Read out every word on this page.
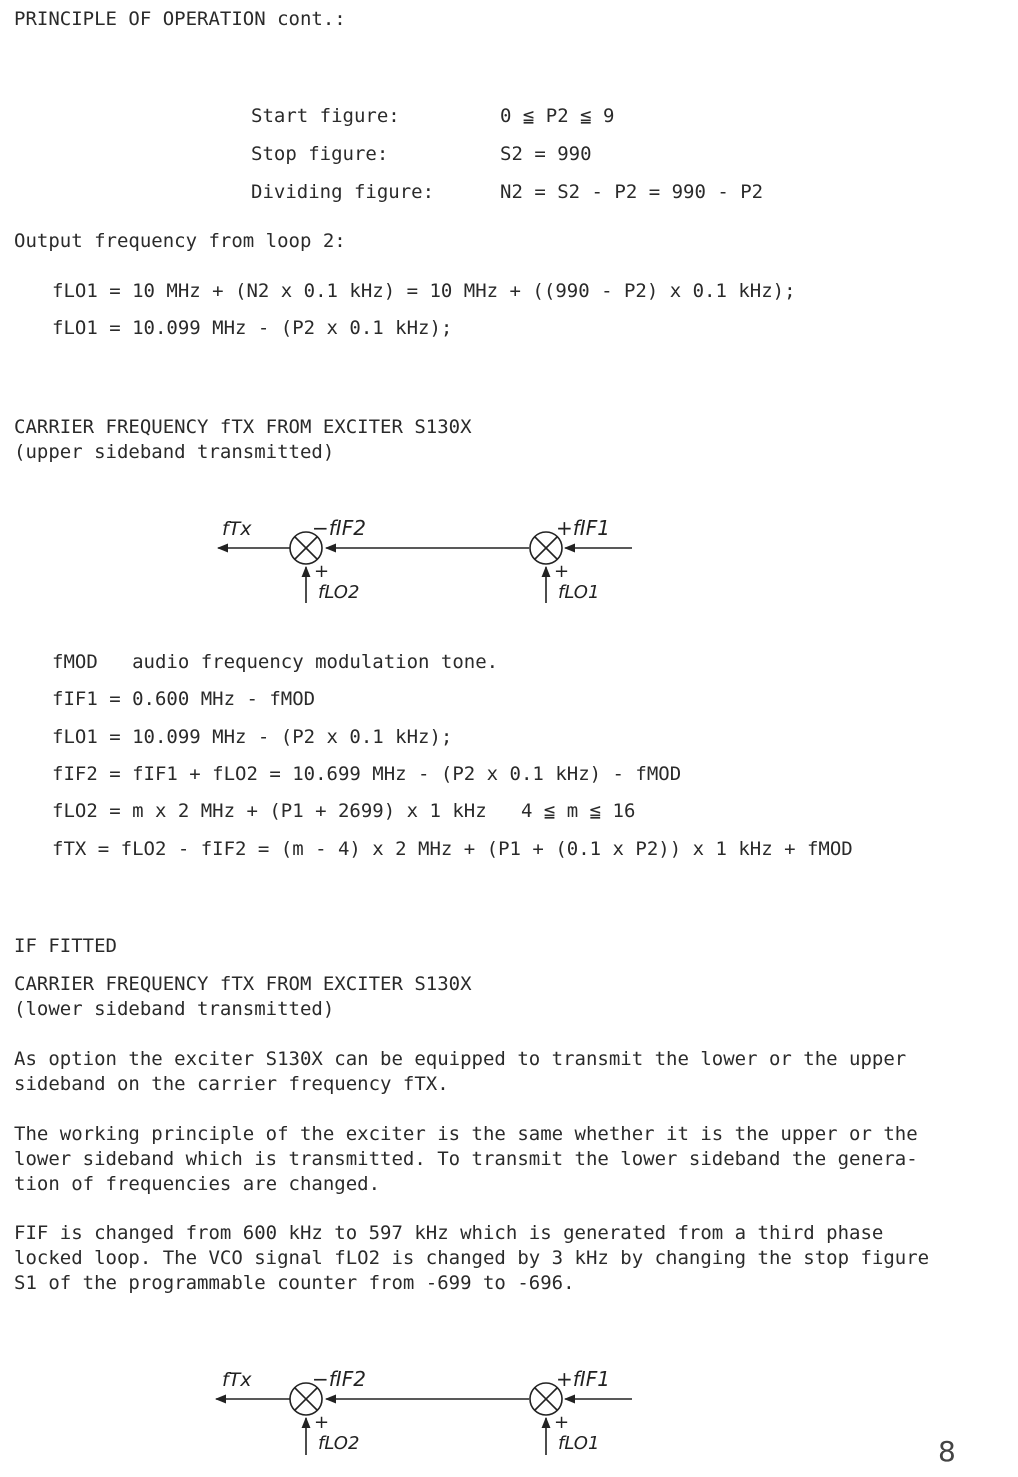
PRINCIPLE OF OPERATION cont.:
Start figure:	0 ≦ P2 ≦ 9
Stop figure:	S2 = 990
Dividing figure:	N2 = S2 - P2 = 990 - P2
Output frequency from loop 2:
fLO1 = 10 MHz + (N2 x 0.1 kHz) = 10 MHz + ((990 - P2) x 0.1 kHz);
fLO1 = 10.099 MHz - (P2 x 0.1 kHz);
CARRIER FREQUENCY fTX FROM EXCITER S130X
(upper sideband transmitted)
fTx	−fIF2	+fIF1
+
fLO2
+
fLO1
fMOD   audio frequency modulation tone.
fIF1 = 0.600 MHz - fMOD
fLO1 = 10.099 MHz - (P2 x 0.1 kHz);
fIF2 = fIF1 + fLO2 = 10.699 MHz - (P2 x 0.1 kHz) - fMOD
fLO2 = m x 2 MHz + (P1 + 2699) x 1 kHz   4 ≦ m ≦ 16
fTX = fLO2 - fIF2 = (m - 4) x 2 MHz + (P1 + (0.1 x P2)) x 1 kHz + fMOD
IF FITTED
CARRIER FREQUENCY fTX FROM EXCITER S130X
(lower sideband transmitted)
As option the exciter S130X can be equipped to transmit the lower or the upper
sideband on the carrier frequency fTX.
The working principle of the exciter is the same whether it is the upper or the
lower sideband which is transmitted. To transmit the lower sideband the genera-
tion of frequencies are changed.
FIF is changed from 600 kHz to 597 kHz which is generated from a third phase
locked loop. The VCO signal fLO2 is changed by 3 kHz by changing the stop figure
S1 of the programmable counter from -699 to -696.
fTx	−fIF2	+fIF1
+
fLO2
+
fLO1	8
